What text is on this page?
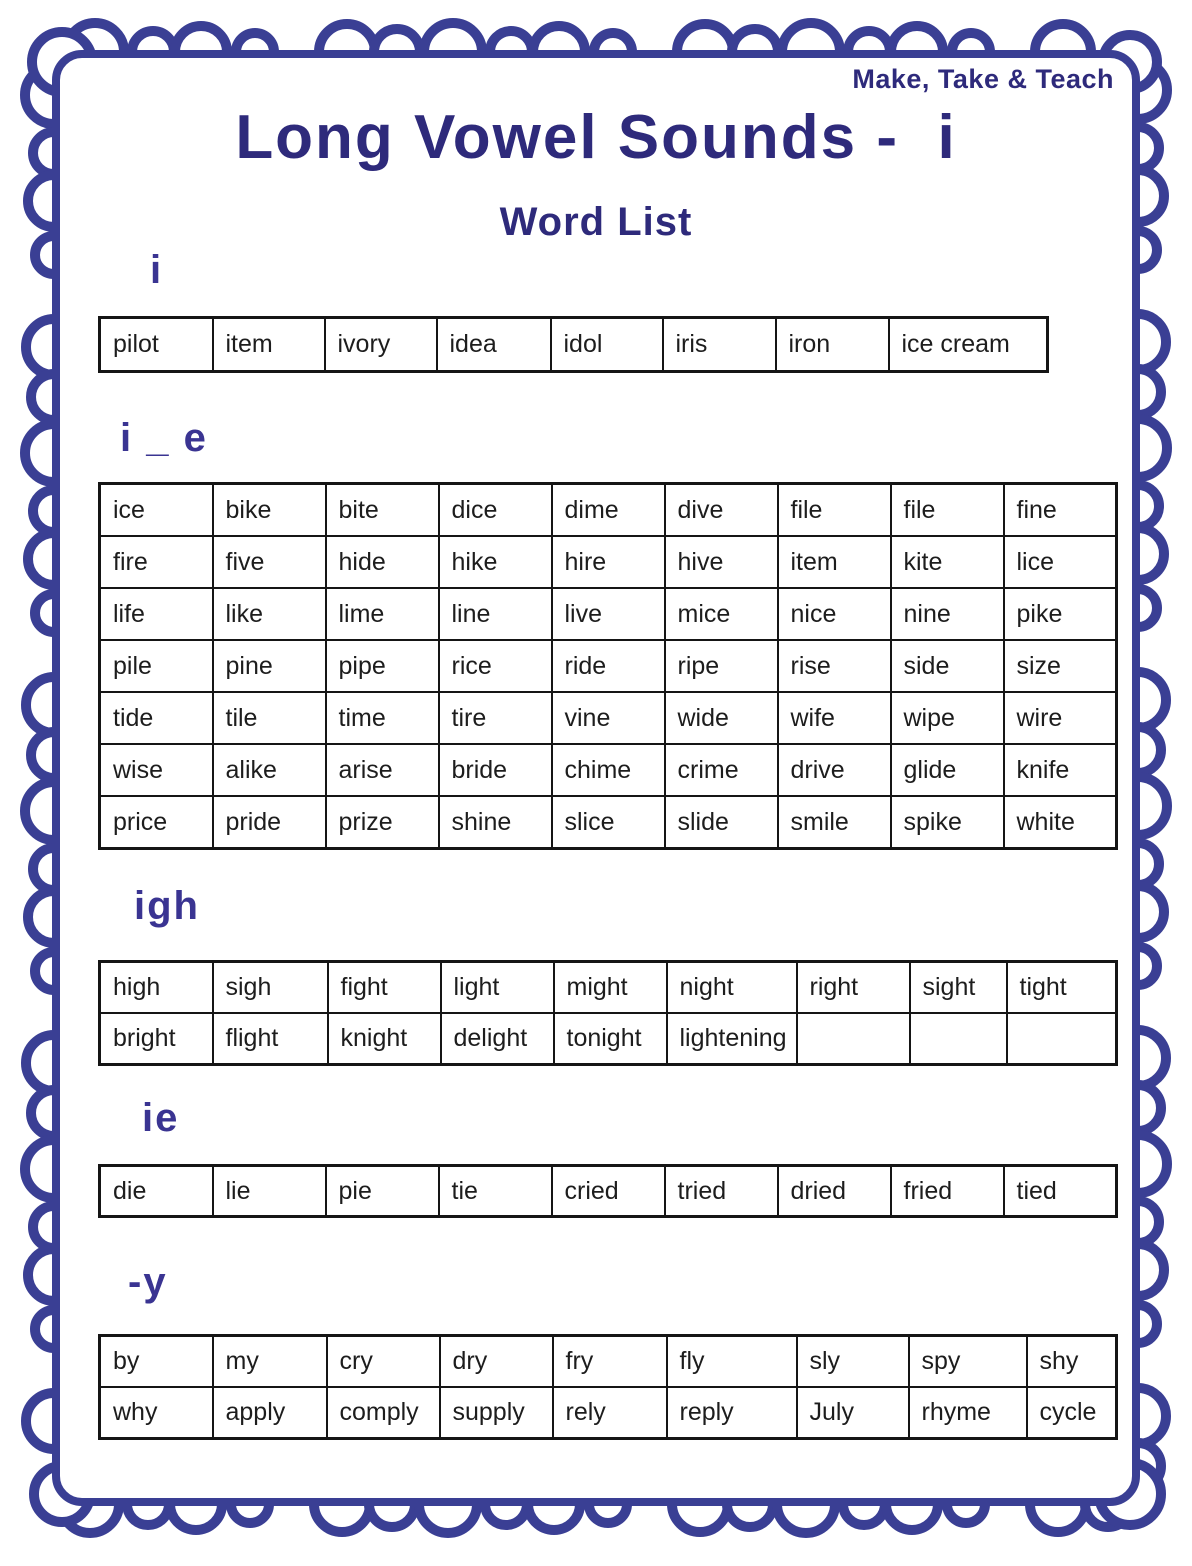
Make, Take & Teach
Long Vowel Sounds -  i
Word List
i
pilot	item	ivory	idea	idol	iris	iron	ice cream
i _ e
ice	bike	bite	dice	dime	dive	file	file	fine
fire	five	hide	hike	hire	hive	item	kite	lice
life	like	lime	line	live	mice	nice	nine	pike
pile	pine	pipe	rice	ride	ripe	rise	side	size
tide	tile	time	tire	vine	wide	wife	wipe	wire
wise	alike	arise	bride	chime	crime	drive	glide	knife
price	pride	prize	shine	slice	slide	smile	spike	white
igh
high	sigh	fight	light	might	night	right	sight	tight
bright	flight	knight	delight	tonight	lightening			
ie
die	lie	pie	tie	cried	tried	dried	fried	tied
-y
by	my	cry	dry	fry	fly	sly	spy	shy
why	apply	comply	supply	rely	reply	July	rhyme	cycle
